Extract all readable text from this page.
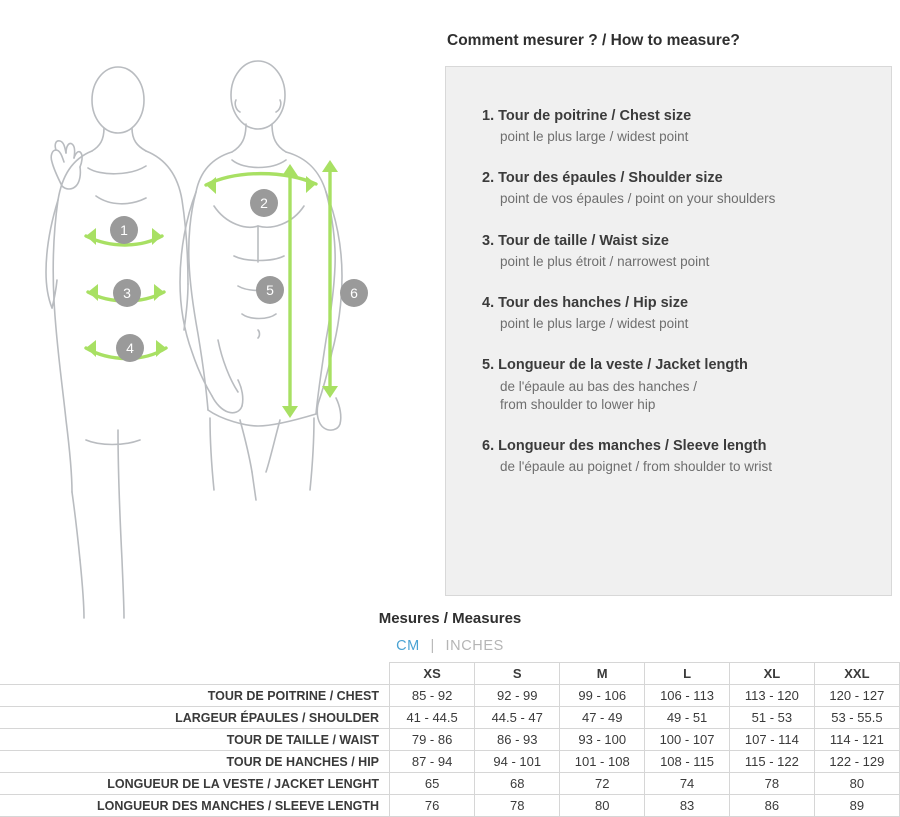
1
2
3
4
5	6
Comment mesurer ? / How to measure?
1. Tour de poitrine / Chest size
point le plus large / widest point
2. Tour des épaules / Shoulder size
point de vos épaules / point on your shoulders
3. Tour de taille / Waist size
point le plus étroit / narrowest point
4. Tour des hanches / Hip size
point le plus large / widest point
5. Longueur de la veste / Jacket length
de l'épaule au bas des hanches /
from shoulder to lower hip
6. Longueur des manches / Sleeve length
de l'épaule au poignet / from shoulder to wrist
Mesures / Measures
CM | INCHES
	XS	S	M	L	XL	XXL
TOUR DE POITRINE / CHEST	85 - 92	92 - 99	99 - 106	106 - 113	113 - 120	120 - 127
LARGEUR ÉPAULES / SHOULDER	41 - 44.5	44.5 - 47	47 - 49	49 - 51	51 - 53	53 - 55.5
TOUR DE TAILLE / WAIST	79 - 86	86 - 93	93 - 100	100 - 107	107 - 114	114 - 121
TOUR DE HANCHES / HIP	87 - 94	94 - 101	101 - 108	108 - 115	115 - 122	122 - 129
LONGUEUR DE LA VESTE / JACKET LENGHT	65	68	72	74	78	80
LONGUEUR DES MANCHES / SLEEVE LENGTH	76	78	80	83	86	89
